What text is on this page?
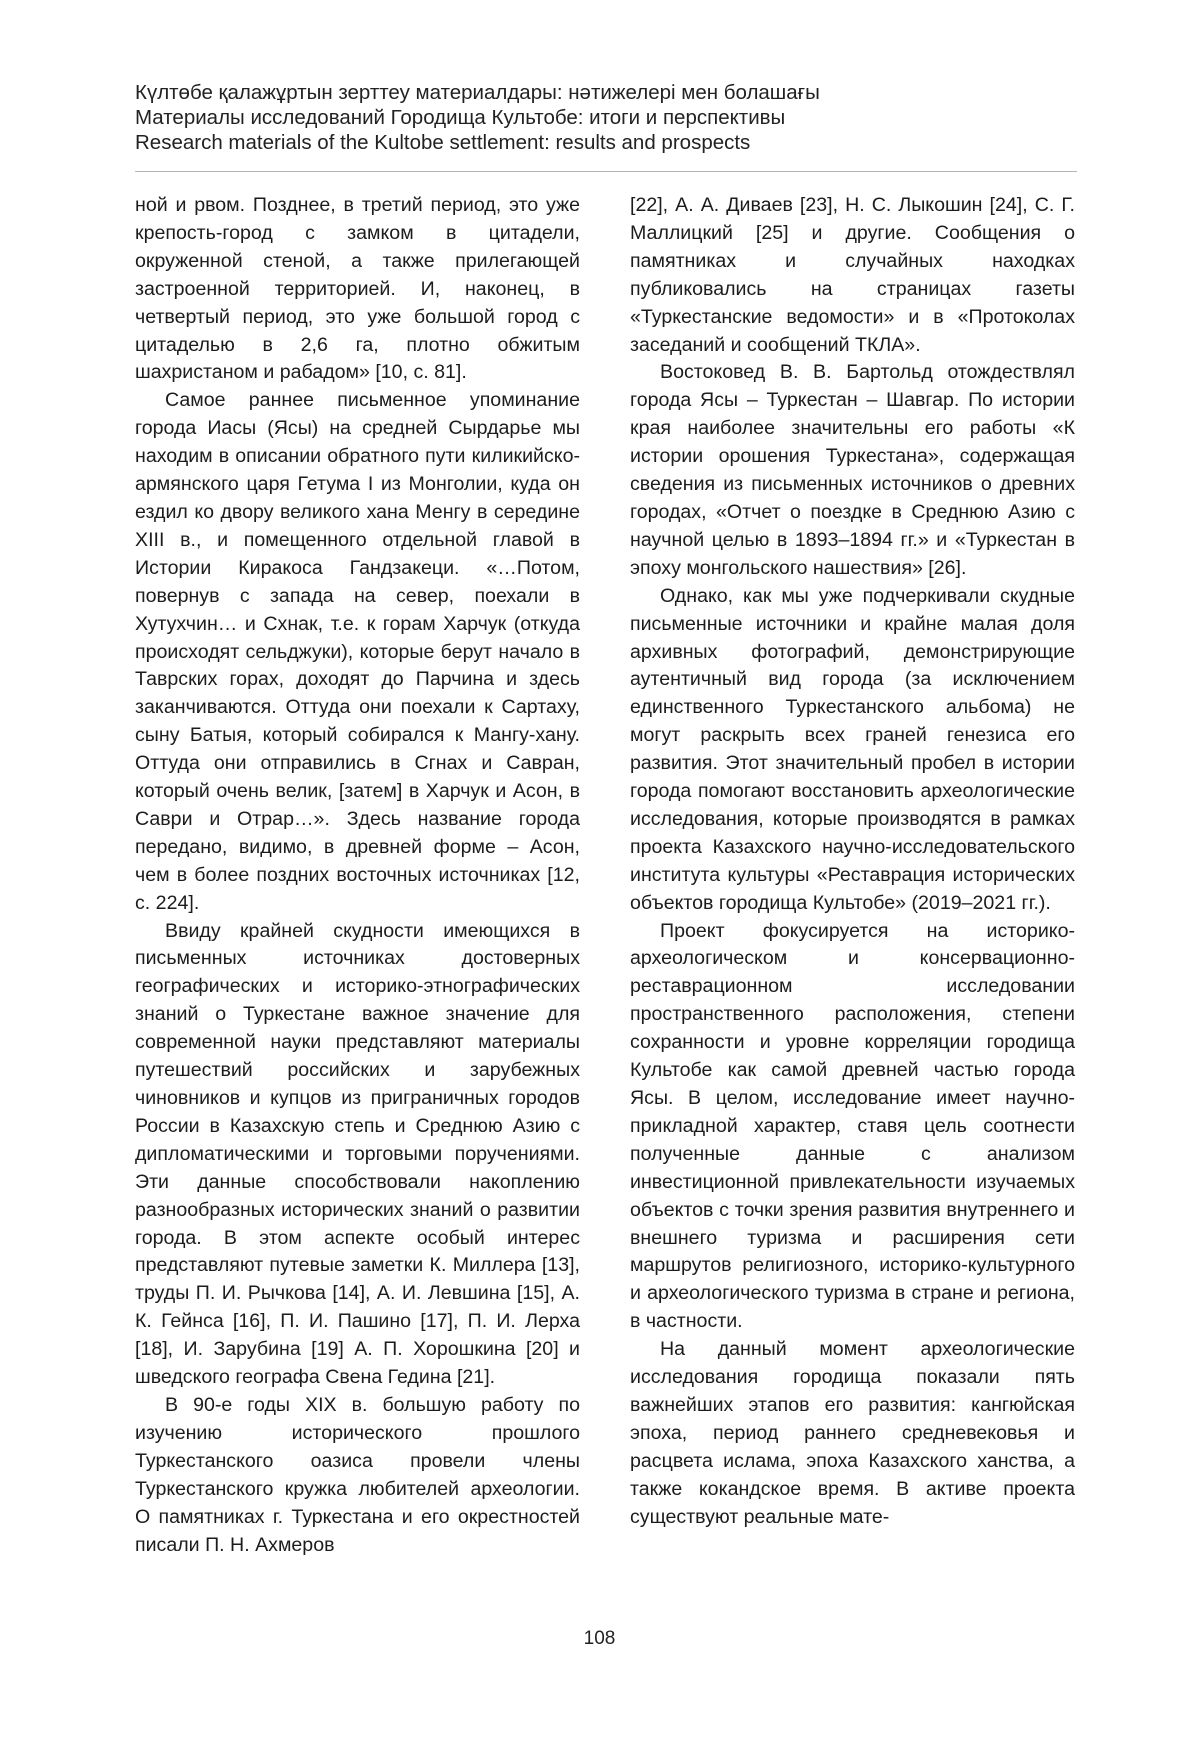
Күлтөбе қалажұртын зерттеу материалдары: нәтижелері мен болашағы
Материалы исследований Городища Культобе: итоги и перспективы
Research materials of the Kultobe settlement: results and prospects

ной и рвом. Позднее, в третий период, это уже крепость-город с замком в цитадели, окруженной стеной, а также прилегающей застроенной территорией. И, наконец, в четвертый период, это уже большой город с цитаделью в 2,6 га, плотно обжитым шахристаном и рабадом» [10, с. 81].

Самое раннее письменное упоминание города Иасы (Ясы) на средней Сырдарье мы находим в описании обратного пути киликийско-армянского царя Гетума I из Монголии, куда он ездил ко двору великого хана Менгу в середине XIII в., и помещенного отдельной главой в Истории Киракоса Гандзакеци. «…Потом, повернув с запада на север, поехали в Хутухчин… и Схнак, т.е. к горам Харчук (откуда происходят сельджуки), которые берут начало в Таврских горах, доходят до Парчина и здесь заканчиваются. Оттуда они поехали к Сартаху, сыну Батыя, который собирался к Мангу-хану. Оттуда они отправились в Сгнах и Савран, который очень велик, [затем] в Харчук и Асон, в Саври и Отрар…». Здесь название города передано, видимо, в древней форме – Асон, чем в более поздних восточных источниках [12, с. 224].

Ввиду крайней скудности имеющихся в письменных источниках достоверных географических и историко-этнографических знаний о Туркестане важное значение для современной науки представляют материалы путешествий российских и зарубежных чиновников и купцов из приграничных городов России в Казахскую степь и Среднюю Азию с дипломатическими и торговыми поручениями. Эти данные способствовали накоплению разнообразных исторических знаний о развитии города. В этом аспекте особый интерес представляют путевые заметки К. Миллера [13], труды П. И. Рычкова [14], А. И. Левшина [15], А. К. Гейнса [16], П. И. Пашино [17], П. И. Лерха [18], И. Зарубина [19] А. П. Хорошкина [20] и шведского географа Свена Гедина [21].

В 90-е годы XIX в. большую работу по изучению исторического прошлого Туркестанского оазиса провели члены Туркестанского кружка любителей археологии. О памятниках г. Туркестана и его окрестностей писали П. Н. Ахмеров

[22], А. А. Диваев [23], Н. С. Лыкошин [24], С. Г. Маллицкий [25] и другие. Сообщения о памятниках и случайных находках публиковались на страницах газеты «Туркестанские ведомости» и в «Протоколах заседаний и сообщений ТКЛА».

Востоковед В. В. Бартольд отождествлял города Ясы – Туркестан – Шавгар. По истории края наиболее значительны его работы «К истории орошения Туркестана», содержащая сведения из письменных источников о древних городах, «Отчет о поездке в Среднюю Азию с научной целью в 1893–1894 гг.» и «Туркестан в эпоху монгольского нашествия» [26].

Однако, как мы уже подчеркивали скудные письменные источники и крайне малая доля архивных фотографий, демонстрирующие аутентичный вид города (за исключением единственного Туркестанского альбома) не могут раскрыть всех граней генезиса его развития. Этот значительный пробел в истории города помогают восстановить археологические исследования, которые производятся в рамках проекта Казахского научно-исследовательского института культуры «Реставрация исторических объектов городища Культобе» (2019–2021 гг.).

Проект фокусируется на историко-археологическом и консервационно-реставрационном исследовании пространственного расположения, степени сохранности и уровне корреляции городища Культобе как самой древней частью города Ясы. В целом, исследование имеет научно-прикладной характер, ставя цель соотнести полученные данные с анализом инвестиционной привлекательности изучаемых объектов с точки зрения развития внутреннего и внешнего туризма и расширения сети маршрутов религиозного, историко-культурного и археологического туризма в стране и регионa, в частности.

На данный момент археологические исследования городища показали пять важнейших этапов его развития: кангюйская эпоха, период раннего средневековья и расцвета ислама, эпоха Казахского ханства, а также кокандское время. В активе проекта существуют реальные мате-

108
